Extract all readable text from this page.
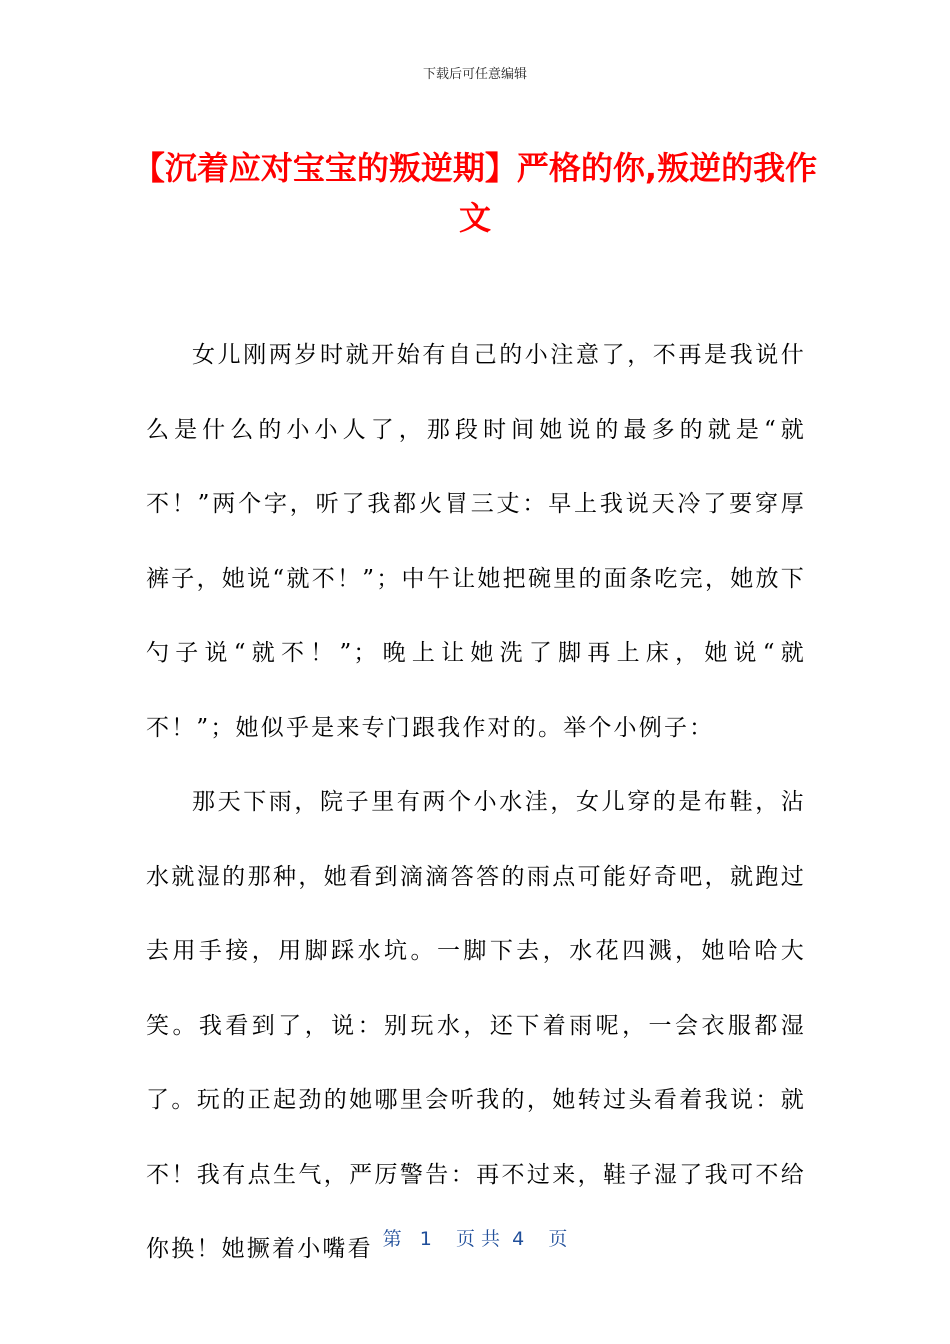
下载后可任意编辑
【沉着应对宝宝的叛逆期】严格的你,叛逆的我作文

女儿刚两岁时就开始有自己的小注意了，不再是我说什么是什么的小小人了，那段时间她说的最多的就是“就不！”两个字，听了我都火冒三丈：早上我说天冷了要穿厚裤子，她说“就不！”；中午让她把碗里的面条吃完，她放下勺子说“就不！”；晚上让她洗了脚再上床，她说“就不！”；她似乎是来专门跟我作对的。举个小例子：

那天下雨，院子里有两个小水洼，女儿穿的是布鞋，沾水就湿的那种，她看到滴滴答答的雨点可能好奇吧，就跑过去用手接，用脚踩水坑。一脚下去，水花四溅，她哈哈大笑。我看到了，说：别玩水，还下着雨呢，一会衣服都湿了。玩的正起劲的她哪里会听我的，她转过头看着我说：就不！我有点生气，严厉警告：再不过来，鞋子湿了我可不给你换！她撅着小嘴看 第   1    页 共  4    页
